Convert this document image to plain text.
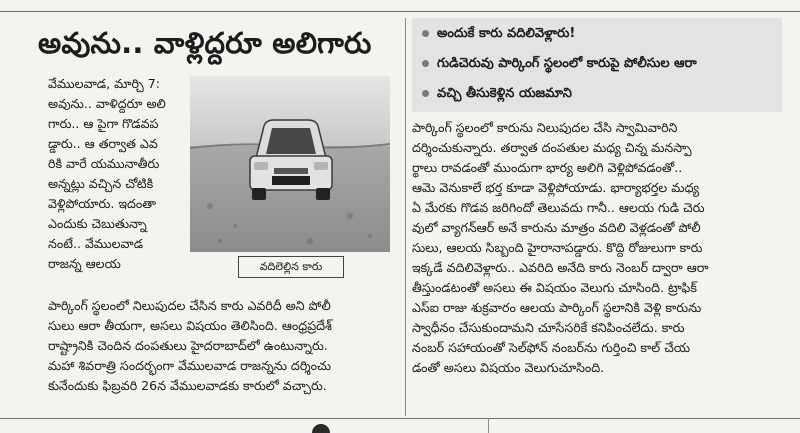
అవును.. వాళ్లిద్దరూ అలిగారు
వదిలెల్లిన కారు
వేములవాడ, మార్చి 7:
అవును.. వాళిద్దరూ అలి
గారు.. ఆ పైగా గొడవప
డ్డారు.. ఆ తర్వాత ఎవ
రికి వారే యమునాతీరు
అన్నట్లు వచ్చిన చోటికి
వెళ్లిపోయారు. ఇదంతా
ఎందుకు చెబుతున్నా
నంటే.. వేములవాడ
రాజన్న ఆలయ
పార్కింగ్ స్థలంలో నిలుపుదల చేసిన కారు ఎవరిదీ అని పోలీ
సులు ఆరా తీయగా, అసలు విషయం తెలిసింది. ఆంధ్రప్రదేశ్
రాష్ట్రానికి చెందిన దంపతులు హైదరాబాద్‌లో ఉంటున్నారు.
మహా శివరాత్రి సందర్భంగా వేములవాడ రాజన్నను దర్శించు
కునేందుకు ఫిబ్రవరి 26న వేములవాడకు కారులో వచ్చారు.
అందుకే కారు వదిలివెళ్లారు!
గుడిచెరువు పార్కింగ్ స్థలంలో కారుపై పోలీసుల ఆరా
వచ్చి తీసుకెళ్లిన యజమాని
పార్కింగ్ స్థలంలో కారును నిలుపుదల చేసి స్వామివారిని
దర్శించుకున్నారు. తర్వాత దంపతుల మధ్య చిన్న మనస్పా
ర్థాలు రావడంతో ముందుగా భార్య అలిగి వెళ్లిపోవడంతో..
ఆమె వెనుకాలే భర్త కూడా వెళ్లిపోయాడు. భార్యాభర్తల మధ్య
ఏ మేరకు గొడవ జరిగిందో తెలువదు గానీ.. ఆలయ గుడి చెరు
వులో వ్యాగన్‌ఆర్ అనే కారును మాత్రం వదిలి వెళ్లడంతో పోలీ
సులు, ఆలయ సిబ్బంది హైరానాపడ్డారు. కొద్ది రోజులుగా కారు
ఇక్కడే వదిలివెళ్లారు.. ఎవరిది అనేది కారు నెంబర్ ద్వారా ఆరా
తీస్తుండటంతో అసలు ఈ విషయం వెలుగు చూసింది. ట్రాఫిక్
ఎస్ఐ రాజు శుక్రవారం ఆలయ పార్కింగ్ స్థలానికి వెళ్లి కారును
స్వాధీనం చేసుకుందామని చూసేసరికే కనిపించలేదు. కారు
నంబర్ సహాయంతో సెల్‌ఫోన్ నంబర్‌ను గుర్తించి కాల్ చేయ
డంతో అసలు విషయం వెలుగుచూసింది.
